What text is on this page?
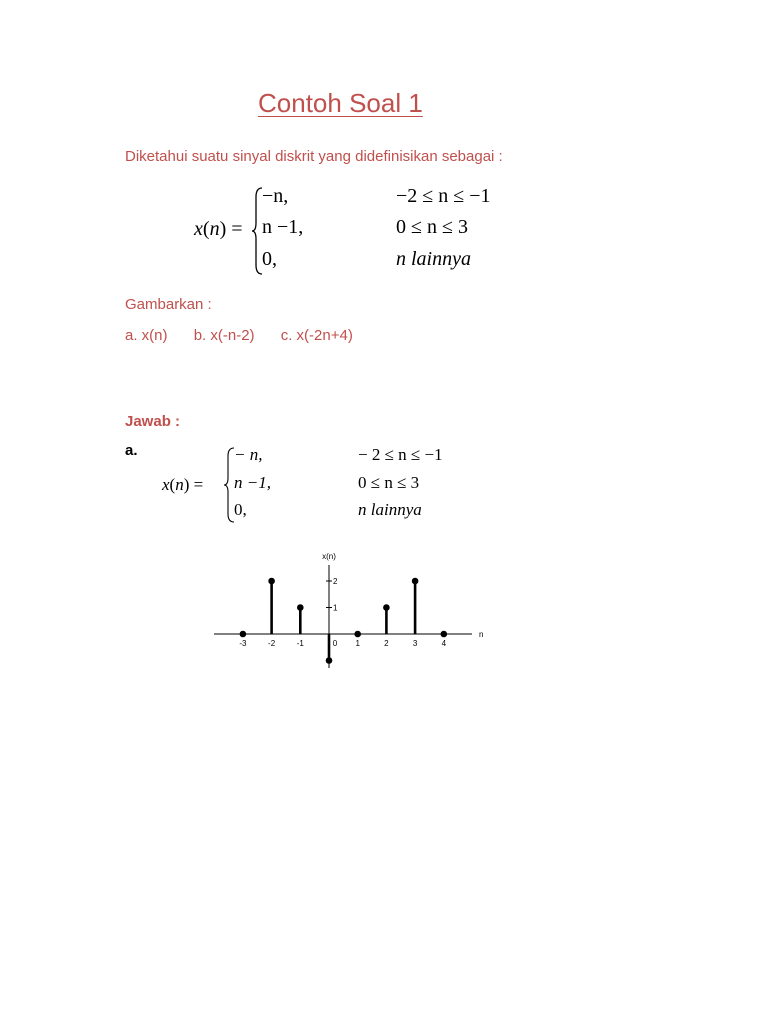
Contoh Soal 1

Diketahui suatu sinyal diskrit yang didefinisikan sebagai :

x(n) =
−n,	−2 ≤ n ≤ −1
n −1,	0 ≤ n ≤ 3
0,	n lainnya

Gambarkan :

a. x(n) b. x(-n-2) c. x(-2n+4)

Jawab :

a.

x(n) =
− n,	− 2 ≤ n ≤ −1
n −1,	0 ≤ n ≤ 3
0,	n lainnya
x(n)
n
2
1
-3	-2	-1	0 1	2	3	4
